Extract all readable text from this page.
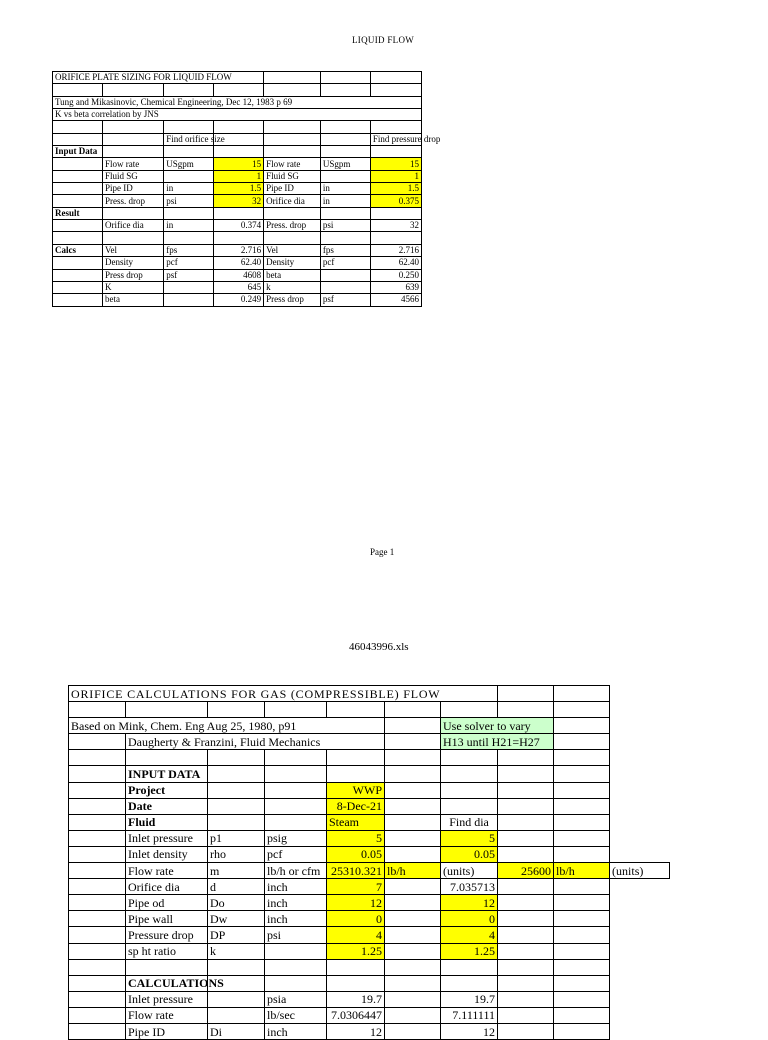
LIQUID FLOW
ORIFICE PLATE SIZING FOR LIQUID FLOW						

Tung and Mikasinovic, Chemical Engineering, Dec 12, 1983 p 69						
K vs beta correlation by JNS						

		Find orifice size				Find pressure drop
Input Data						
	Flow rate	USgpm	15	Flow rate	USgpm	15
	Fluid SG		1	Fluid SG		1
	Pipe ID	in	1.5	Pipe ID	in	1.5
	Press. drop	psi	32	Orifice dia	in	0.375
Result						
	Orifice dia	in	0.374	Press. drop	psi	32

Calcs	Vel	fps	2.716	Vel	fps	2.716
	Density	pcf	62.40	Density	pcf	62.40
	Press drop	psf	4608	beta		0.250
	K		645	k		639
	beta		0.249	Press drop	psf	4566
Page 1
46043996.xls
ORIFICE CALCULATIONS FOR GAS (COMPRESSIBLE) FLOW									

Based on Mink, Chem. Eng Aug 25, 1980, p91						Use solver to vary			
	Daugherty & Franzini, Fluid Mechanics					H13 until H21=H27			

	INPUT DATA								
	Project			WWP					
	Date			8-Dec-21					
	Fluid			Steam		Find dia			
	Inlet pressure	p1	psig	5		5			
	Inlet density	rho	pcf	0.05		0.05			
	Flow rate	m	lb/h or cfm	25310.321	lb/h	(units)	25600	lb/h	(units)
	Orifice dia	d	inch	7		7.035713			
	Pipe od	Do	inch	12		12			
	Pipe wall	Dw	inch	0		0			
	Pressure drop	DP	psi	4		4			
	sp ht ratio	k		1.25		1.25			

	CALCULATIONS								
	Inlet pressure		psia	19.7		19.7			
	Flow rate		lb/sec	7.0306447		7.111111			
	Pipe ID	Di	inch	12		12			
